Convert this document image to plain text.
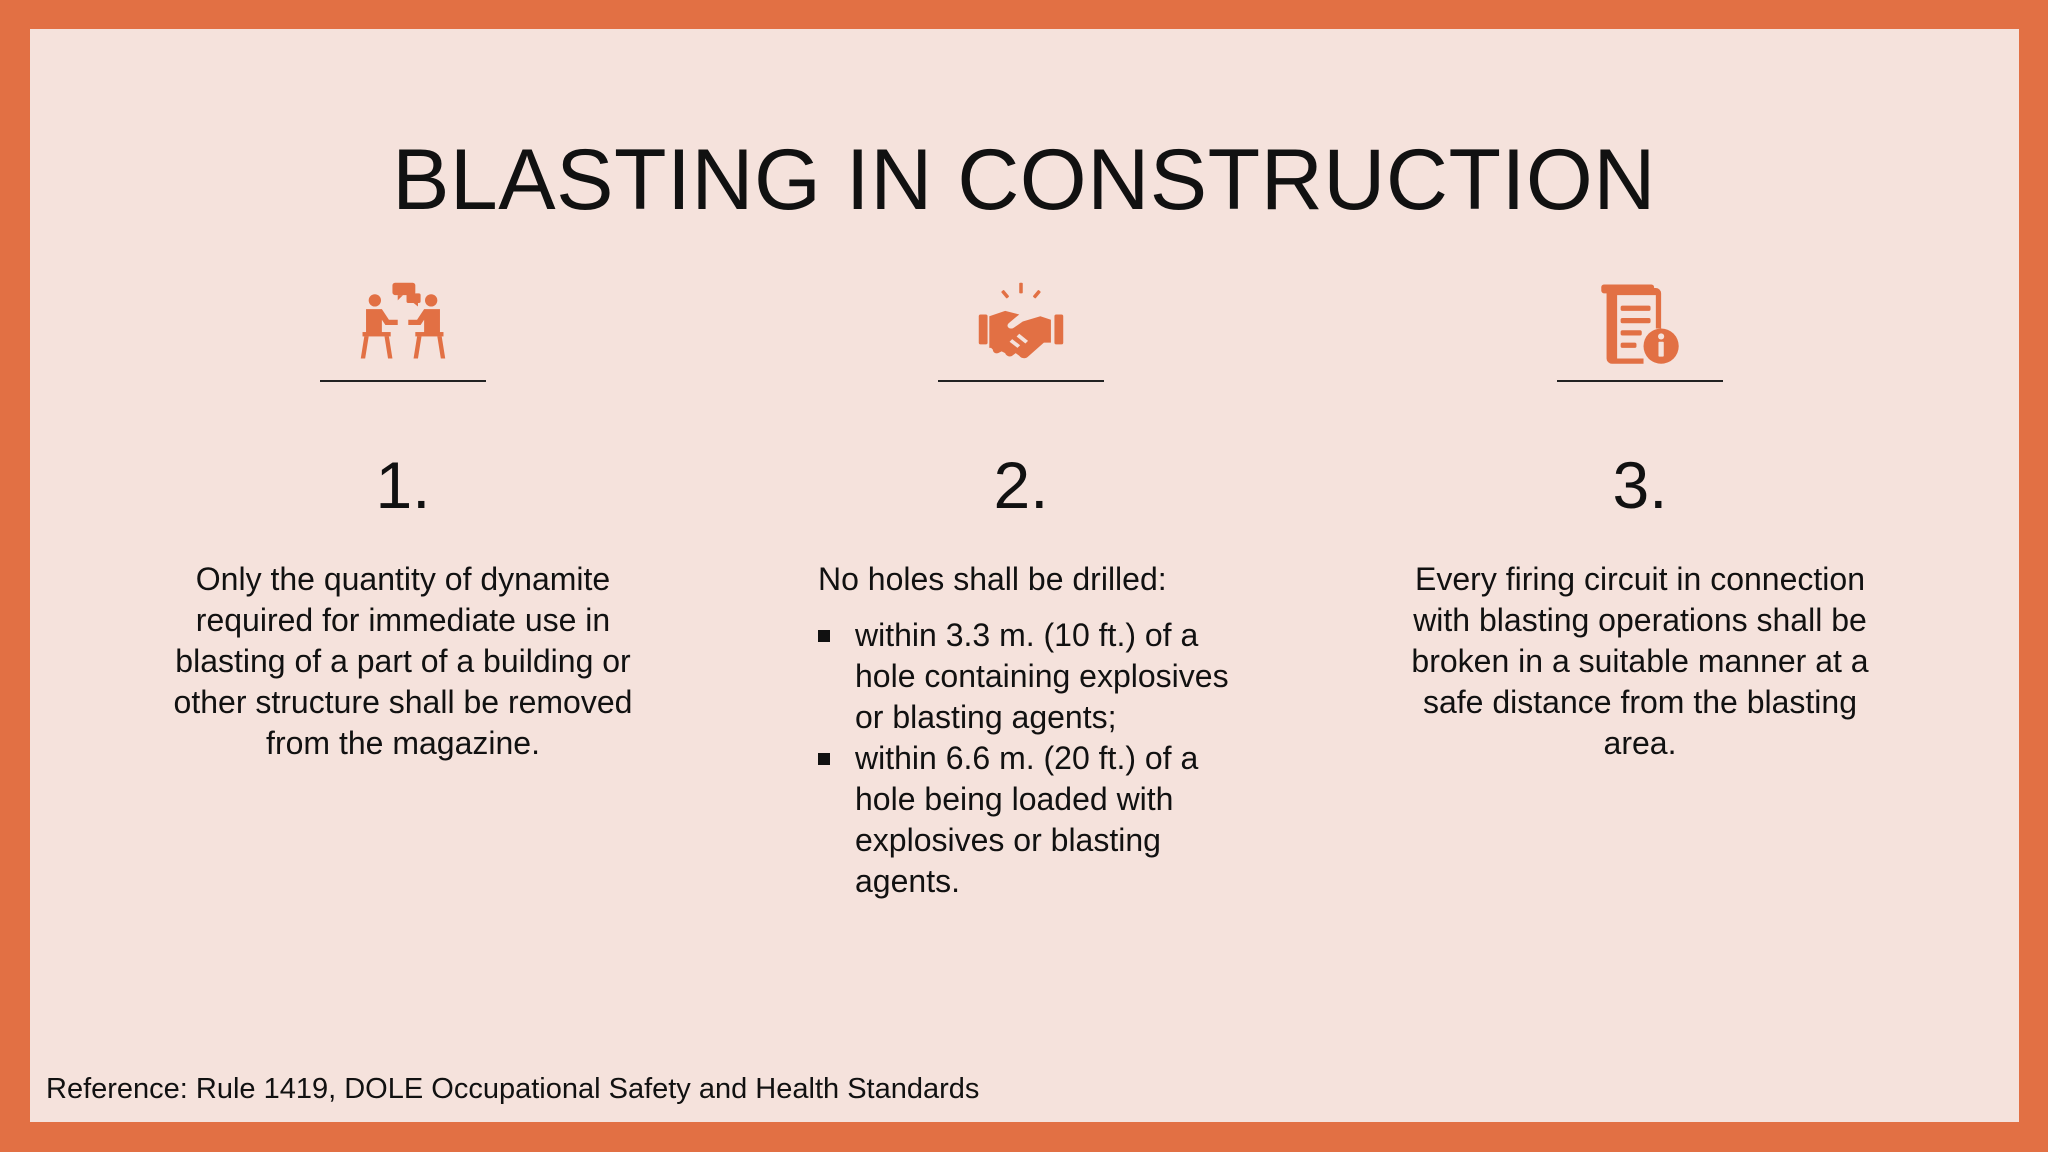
BLASTING IN CONSTRUCTION
1.
Only the quantity of dynamite required for immediate use in blasting of a part of a building or other structure shall be removed from the magazine.
2.

No holes shall be drilled:

within 3.3 m. (10 ft.) of a hole containing explosives or blasting agents;
within 6.6 m. (20 ft.) of a hole being loaded with explosives or blasting agents.
3.
Every firing circuit in connection with blasting operations shall be broken in a suitable manner at a safe distance from the blasting area.
Reference: Rule 1419, DOLE Occupational Safety and Health Standards
